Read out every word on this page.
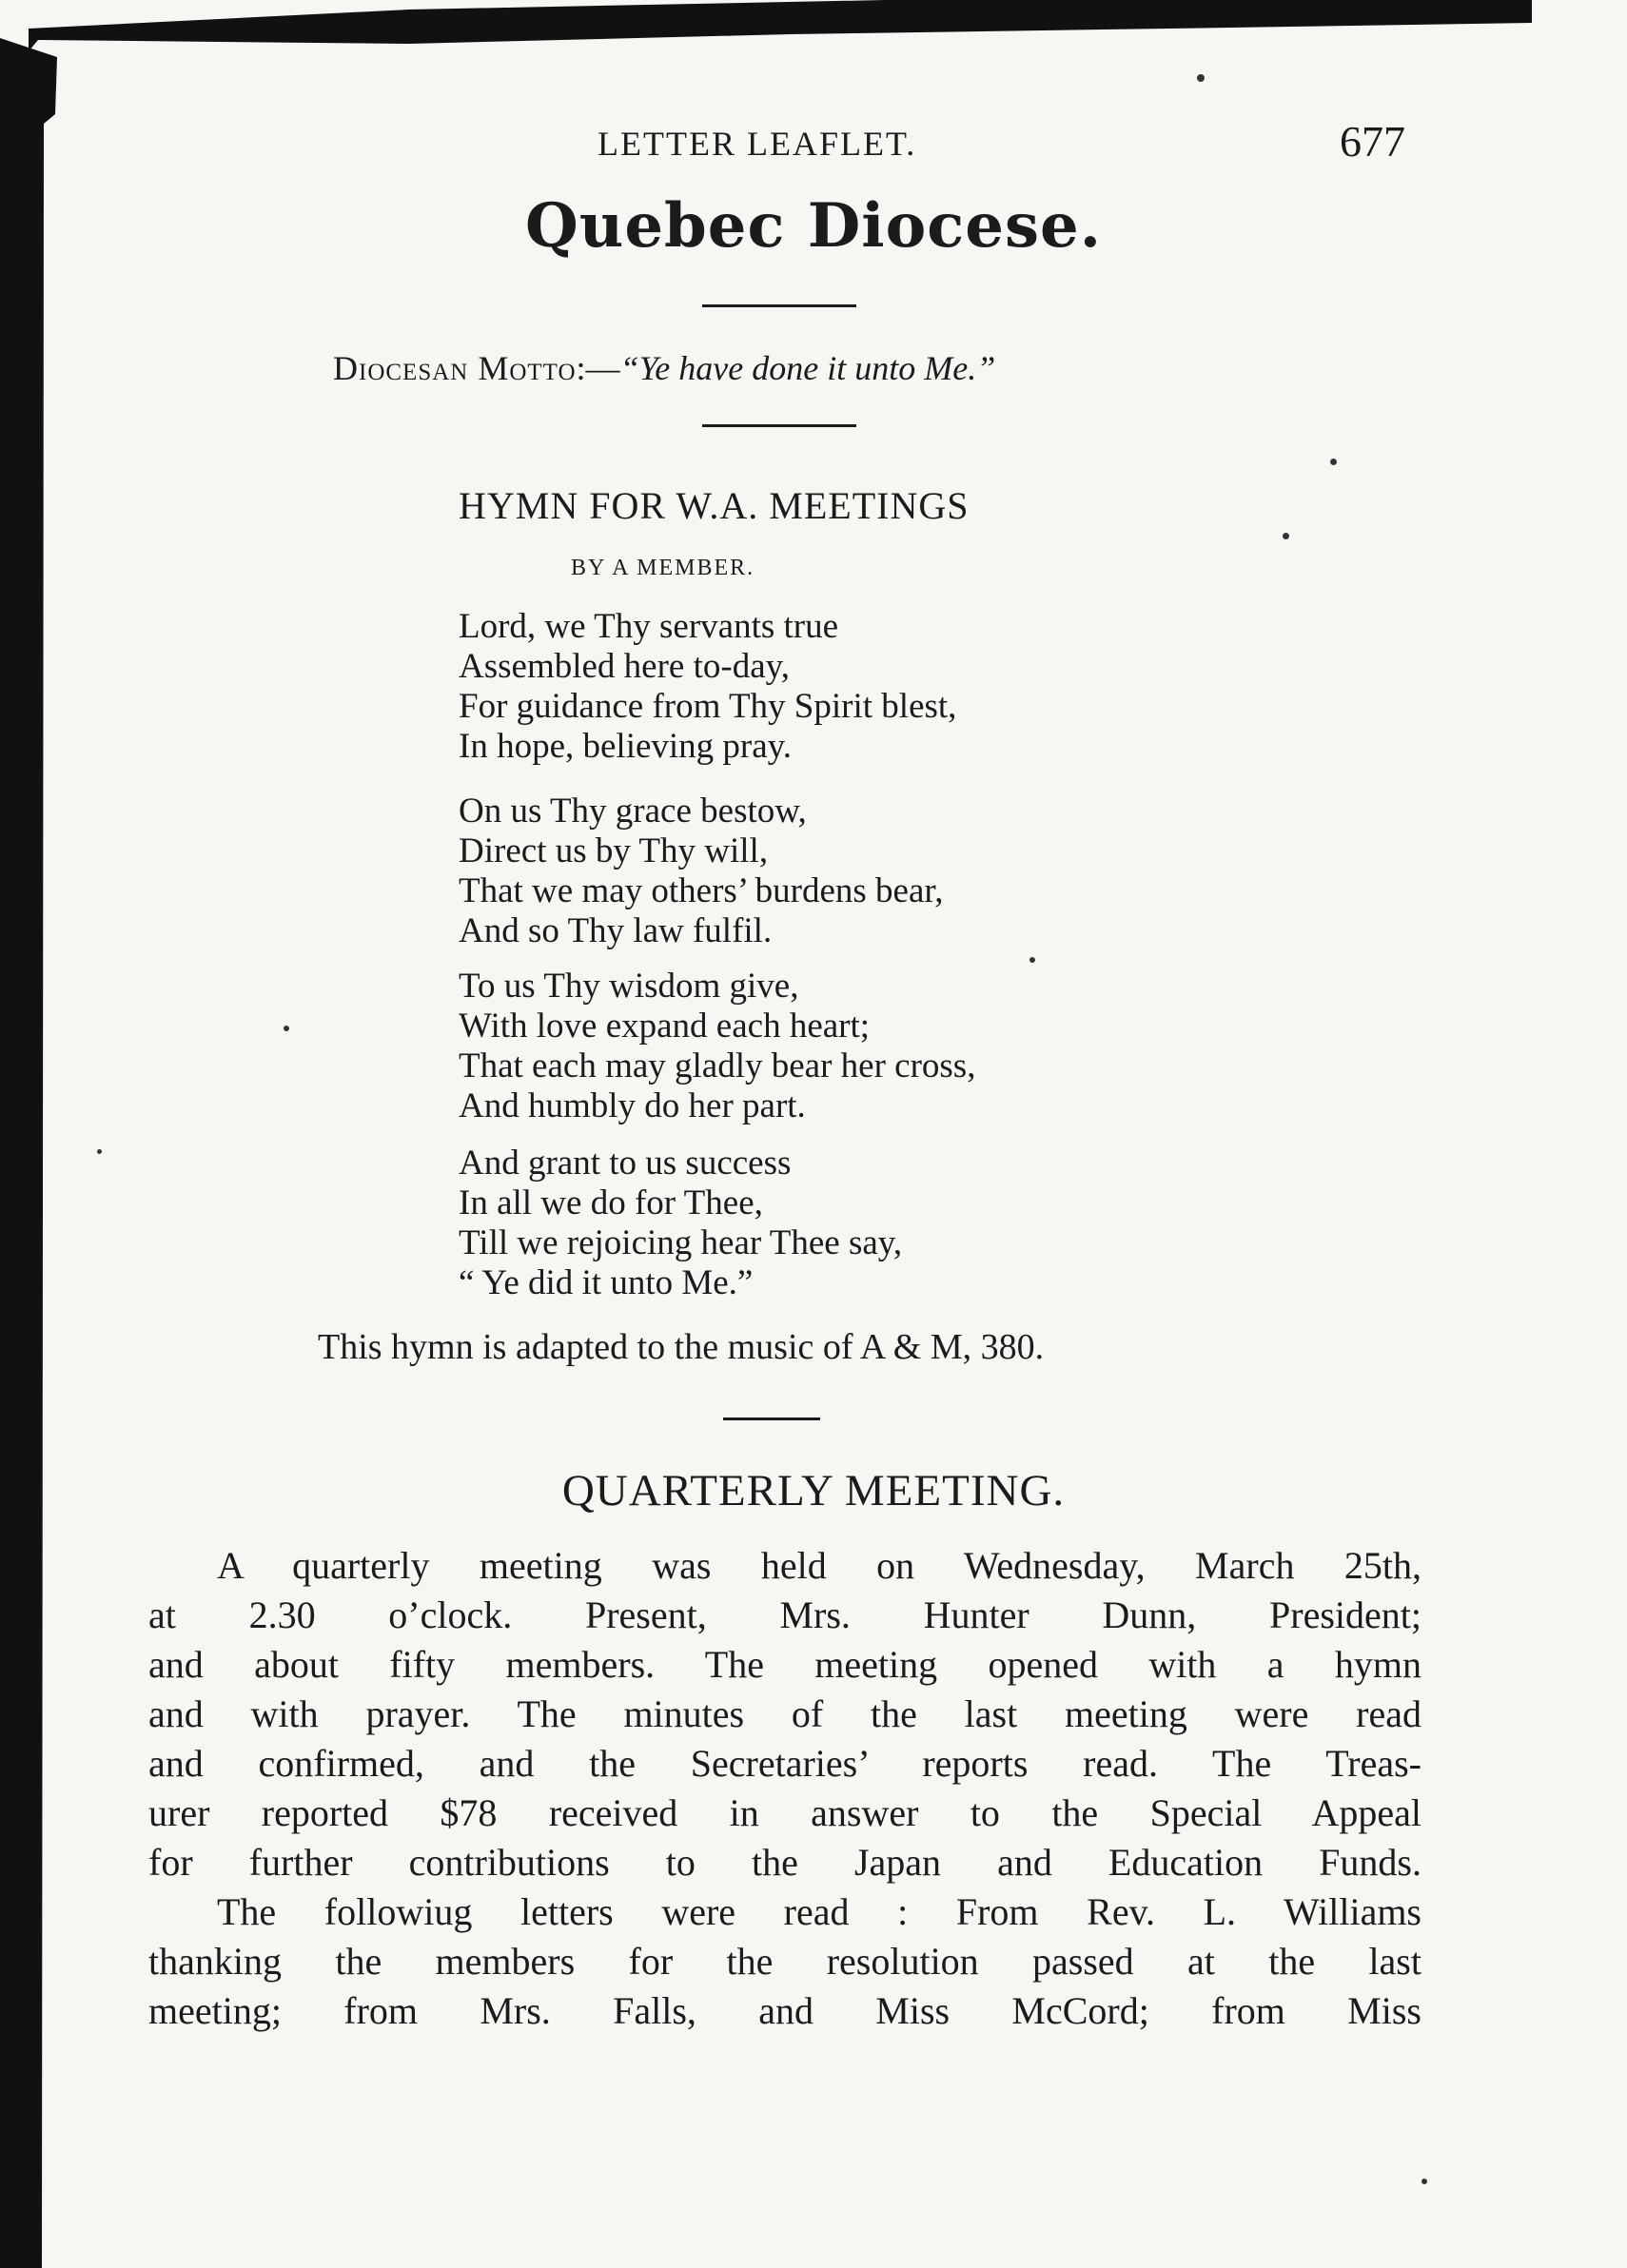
LETTER LEAFLET.	677
Quebec Diocese.
Diocesan Motto:—“Ye have done it unto Me.”
HYMN FOR W.A. MEETINGS
BY A MEMBER.
Lord, we Thy servants true
Assembled here to-day,
For guidance from Thy Spirit blest,
In hope, believing pray.
On us Thy grace bestow,
Direct us by Thy will,
That we may others’ burdens bear,
And so Thy law fulfil.
To us Thy wisdom give,
With love expand each heart;
That each may gladly bear her cross,
And humbly do her part.
And grant to us success
In all we do for Thee,
Till we rejoicing hear Thee say,
“ Ye did it unto Me.”
This hymn is adapted to the music of A & M, 380.
QUARTERLY MEETING.
A quarterly meeting was held on Wednesday, March 25th,
at 2.30 o’clock. Present, Mrs. Hunter Dunn, President;
and about fifty members. The meeting opened with a hymn
and with prayer. The minutes of the last meeting were read
and confirmed, and the Secretaries’ reports read. The Treas-
urer reported $78 received in answer to the Special Appeal
for further contributions to the Japan and Education Funds.
The followiug letters were read : From Rev. L. Williams
thanking the members for the resolution passed at the last
meeting; from Mrs. Falls, and Miss McCord; from Miss
